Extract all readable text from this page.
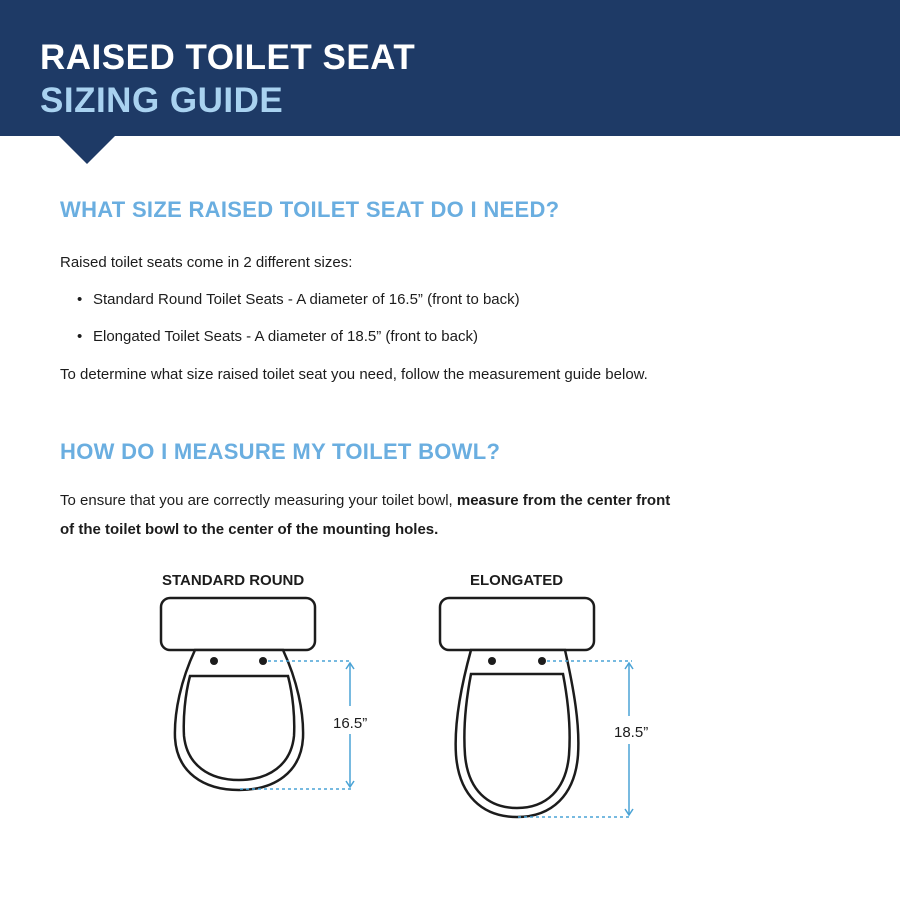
RAISED TOILET SEAT
SIZING GUIDE
WHAT SIZE RAISED TOILET SEAT DO I NEED?

Raised toilet seats come in 2 different sizes:

• Standard Round Toilet Seats - A diameter of 16.5” (front to back)

• Elongated Toilet Seats - A diameter of 18.5” (front to back)

To determine what size raised toilet seat you need, follow the measurement guide below.

HOW DO I MEASURE MY TOILET BOWL?

To ensure that you are correctly measuring your toilet bowl, measure from the center front

of the toilet bowl to the center of the mounting holes.

STANDARD ROUND	ELONGATED

16.5”
18.5”
